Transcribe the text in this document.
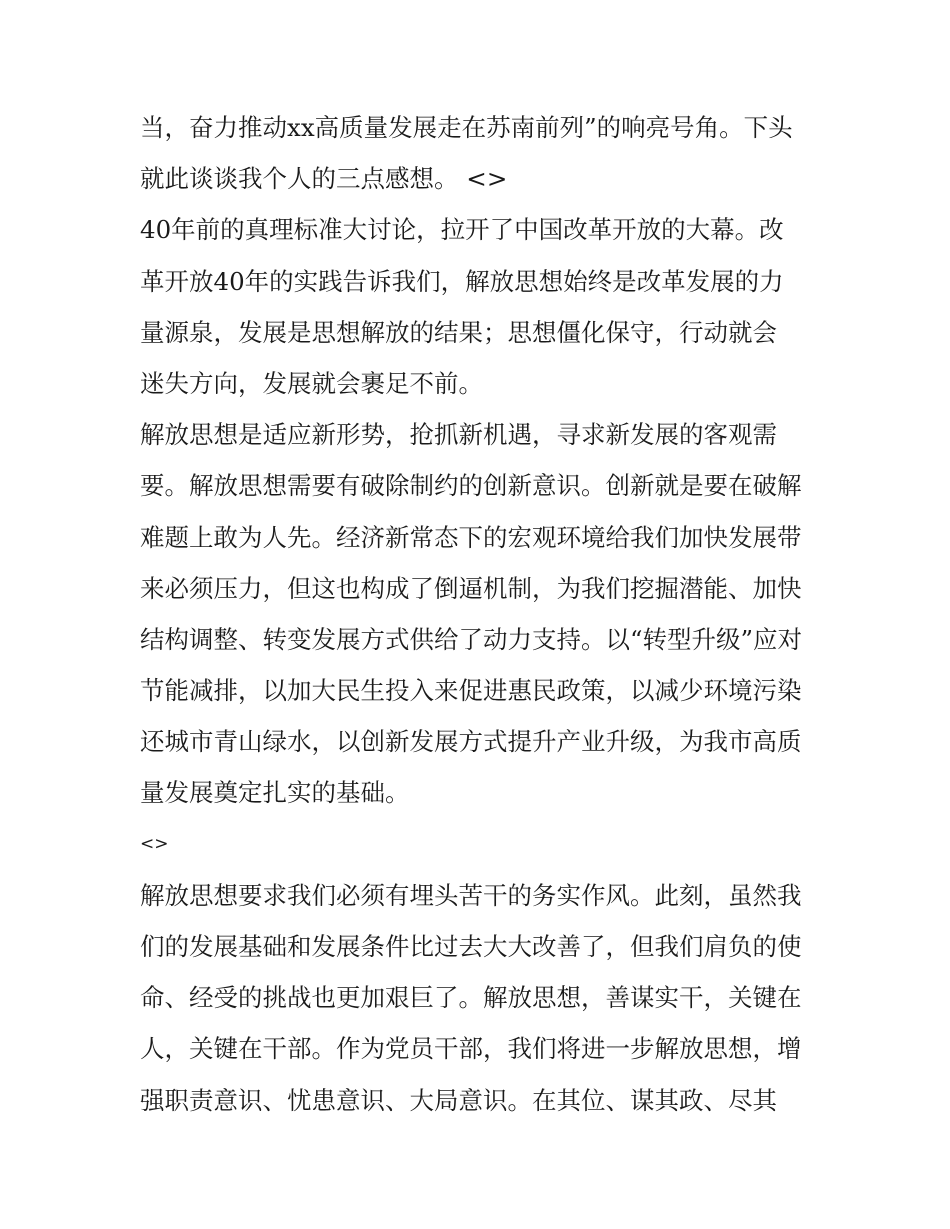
当，奋力推动xx高质量发展走在苏南前列”的响亮号角。下头
就此谈谈我个人的三点感想。 <>
40年前的真理标准大讨论，拉开了中国改革开放的大幕。改
革开放40年的实践告诉我们，解放思想始终是改革发展的力
量源泉，发展是思想解放的结果；思想僵化保守，行动就会
迷失方向，发展就会裹足不前。
解放思想是适应新形势，抢抓新机遇，寻求新发展的客观需
要。解放思想需要有破除制约的创新意识。创新就是要在破解
难题上敢为人先。经济新常态下的宏观环境给我们加快发展带
来必须压力，但这也构成了倒逼机制，为我们挖掘潜能、加快
结构调整、转变发展方式供给了动力支持。以“转型升级”应对
节能减排，以加大民生投入来促进惠民政策，以减少环境污染
还城市青山绿水，以创新发展方式提升产业升级，为我市高质
量发展奠定扎实的基础。
<>
解放思想要求我们必须有埋头苦干的务实作风。此刻，虽然我
们的发展基础和发展条件比过去大大改善了，但我们肩负的使
命、经受的挑战也更加艰巨了。解放思想，善谋实干，关键在
人，关键在干部。作为党员干部，我们将进一步解放思想，增
强职责意识、忧患意识、大局意识。在其位、谋其政、尽其
